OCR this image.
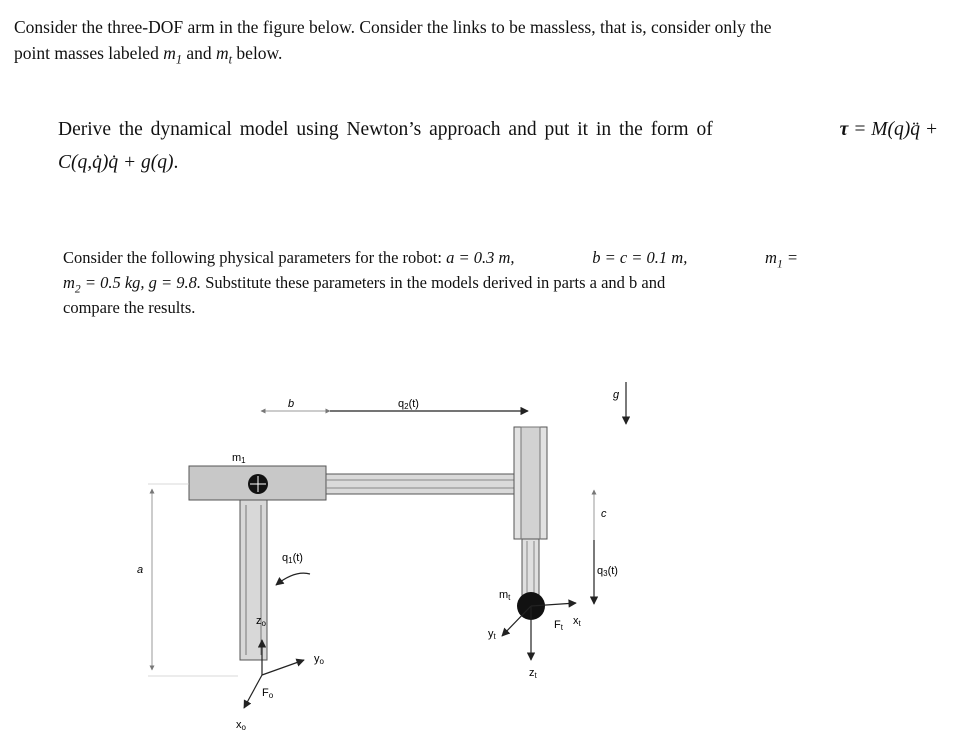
Consider the three-DOF arm in the figure below. Consider the links to be massless, that is, consider only the
point masses labeled $m_1$ and $m_t$ below.
Derive the dynamical model using Newton’s approach and put it in the form of	τ = M(q)q̈ +
C(q,q̇)q̇ + g(q).
Consider the following physical parameters for the robot: a = 0.3 m,	b = c = 0.1 m,	$m_1$ =
$m_2 = 0.5$ kg, g = 9.8. Substitute these parameters in the models derived in parts a and b and
compare the results.
b	q2(t)
g
m1
c
a
q1(t)
q3(t)
mt
zo
yo
Fo
xo
yt
Ft
xt
zt
